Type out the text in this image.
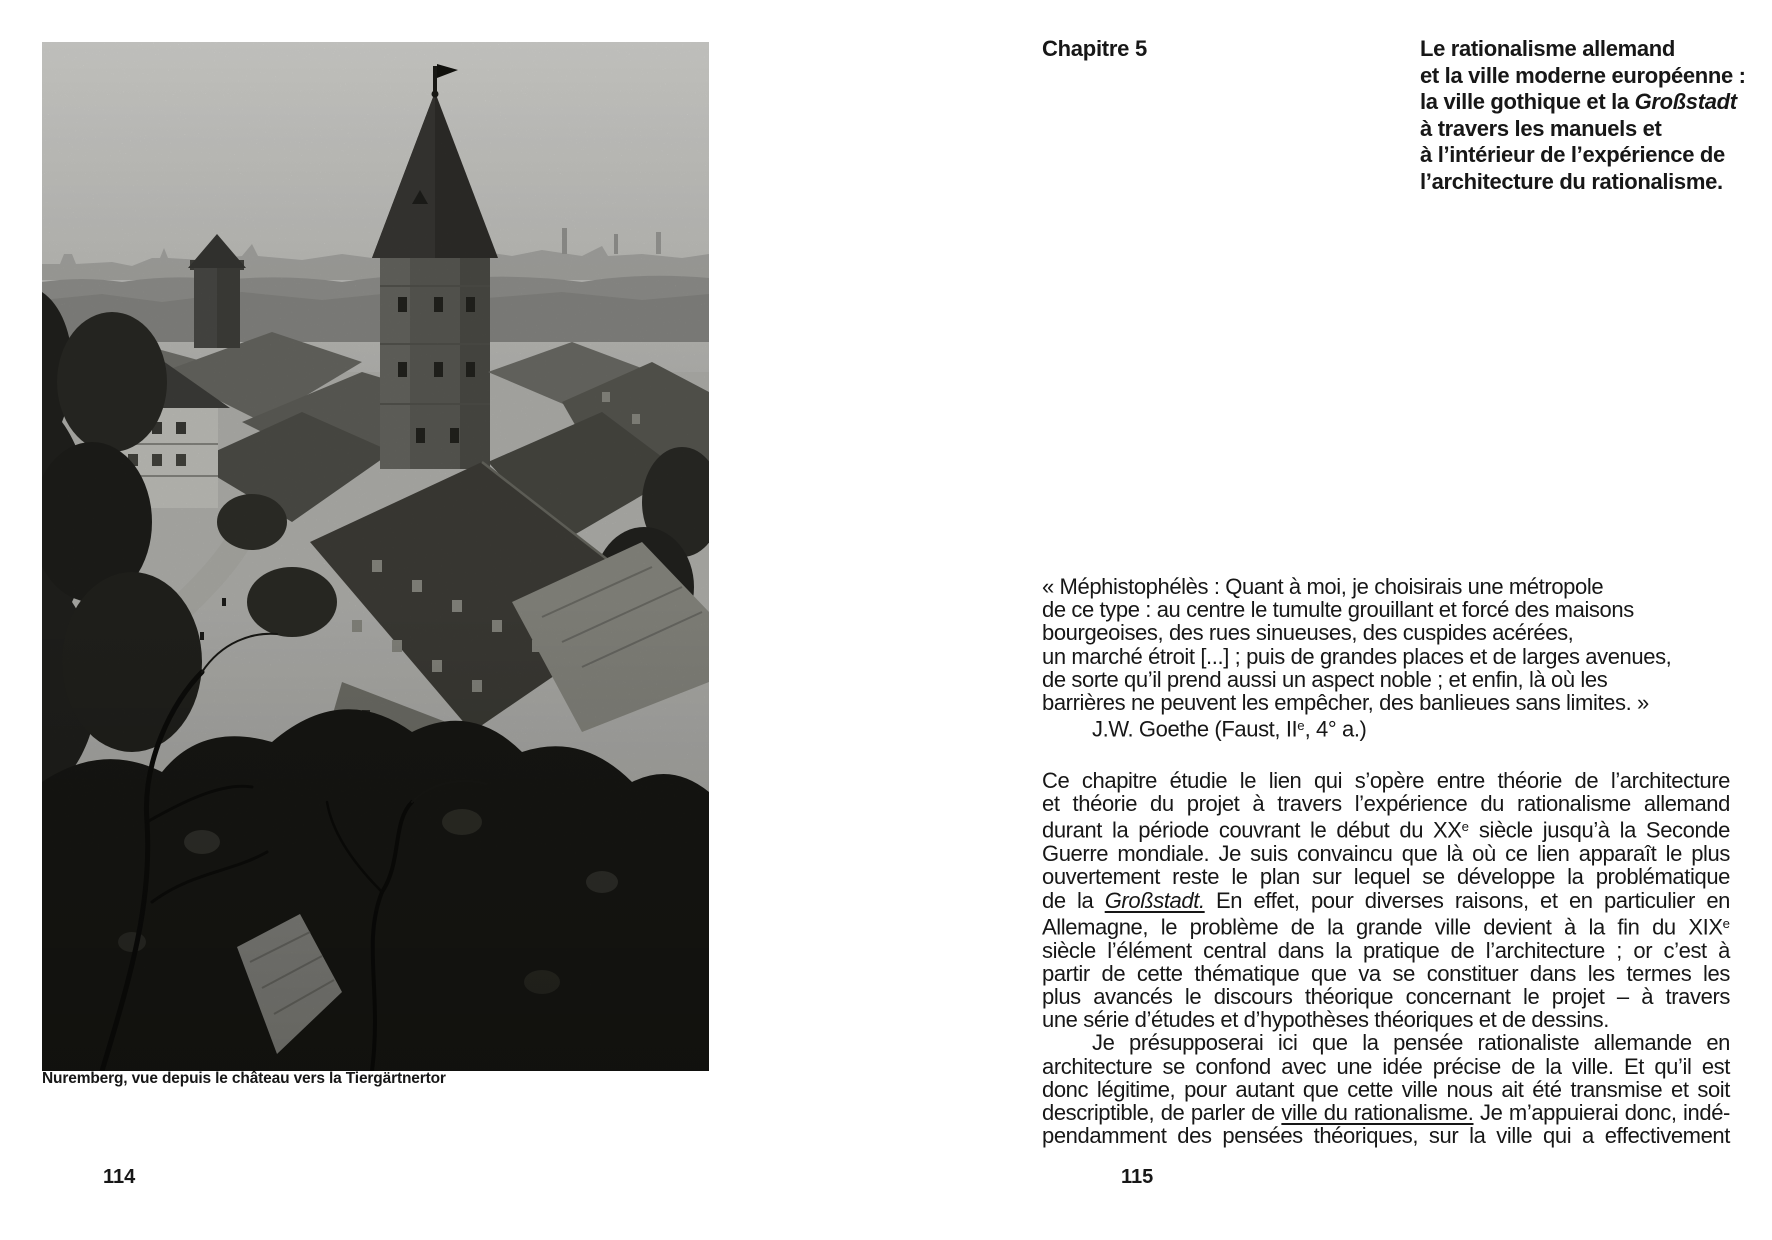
Nuremberg, vue depuis le château vers la Tiergärtnertor
114
Chapitre 5	Le rationalisme allemand
et la ville moderne européenne :
la ville gothique et la Großstadt
à travers les manuels et
à l’intérieur de l’expérience de
l’architecture du rationalisme.
« Méphistophélès : Quant à moi, je choisirais une métropole
de ce type : au centre le tumulte grouillant et forcé des maisons
bourgeoises, des rues sinueuses, des cuspides acérées,
un marché étroit [...] ; puis de grandes places et de larges avenues,
de sorte qu’il prend aussi un aspect noble ; et enfin, là où les
barrières ne peuvent les empêcher, des banlieues sans limites. »
J.W. Goethe (Faust, IIe, 4° a.)
Ce chapitre étudie le lien qui s’opère entre théorie de l’architecture
et théorie du projet à travers l’expérience du rationalisme allemand
durant la période couvrant le début du XXe siècle jusqu’à la Seconde
Guerre mondiale. Je suis convaincu que là où ce lien apparaît le plus
ouvertement reste le plan sur lequel se développe la problématique
de la Großstadt. En effet, pour diverses raisons, et en particulier en
Allemagne, le problème de la grande ville devient à la fin du XIXe
siècle l’élément central dans la pratique de l’architecture ; or c’est à
partir de cette thématique que va se constituer dans les termes les
plus avancés le discours théorique concernant le projet – à travers
une série d’études et d’hypothèses théoriques et de dessins.
Je présupposerai ici que la pensée rationaliste allemande en
architecture se confond avec une idée précise de la ville. Et qu’il est
donc légitime, pour autant que cette ville nous ait été transmise et soit
descriptible, de parler de ville du rationalisme. Je m’appuierai donc, indé-
pendamment des pensées théoriques, sur la ville qui a effectivement
115
